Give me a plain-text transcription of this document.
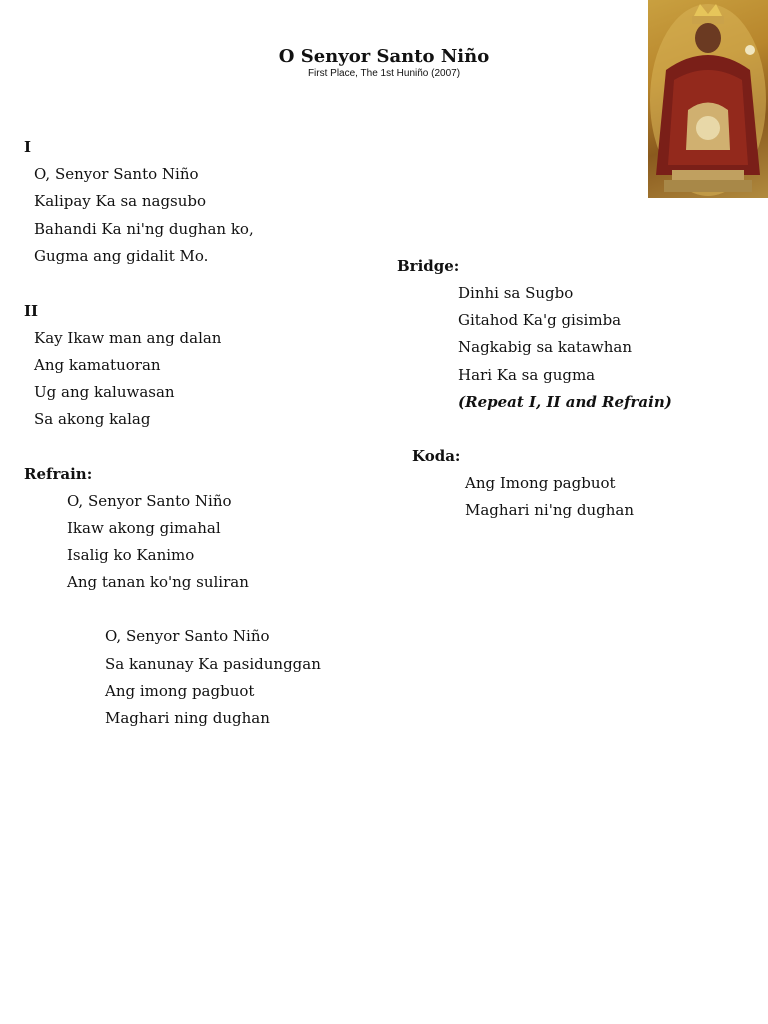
O Senyor Santo Niño
First Place, The 1st Huniño (2007)
I
O, Senyor Santo Niño
Kalipay Ka sa nagsubo
Bahandi Ka ni'ng dughan ko,
Gugma ang gidalit Mo.
II
Kay Ikaw man ang dalan
Ang kamatuoran
Ug ang kaluwasan
Sa akong kalag
Refrain:
O, Senyor Santo Niño
Ikaw akong gimahal
Isalig ko Kanimo
Ang tanan ko'ng suliran
O, Senyor Santo Niño
Sa kanunay Ka pasidunggan
Ang imong pagbuot
Maghari ning dughan
Bridge:
Dinhi sa Sugbo
Gitahod Ka'g gisimba
Nagkabig sa katawhan
Hari Ka sa gugma
(Repeat I, II and Refrain)
Koda:
Ang Imong pagbuot
Maghari ni'ng dughan
